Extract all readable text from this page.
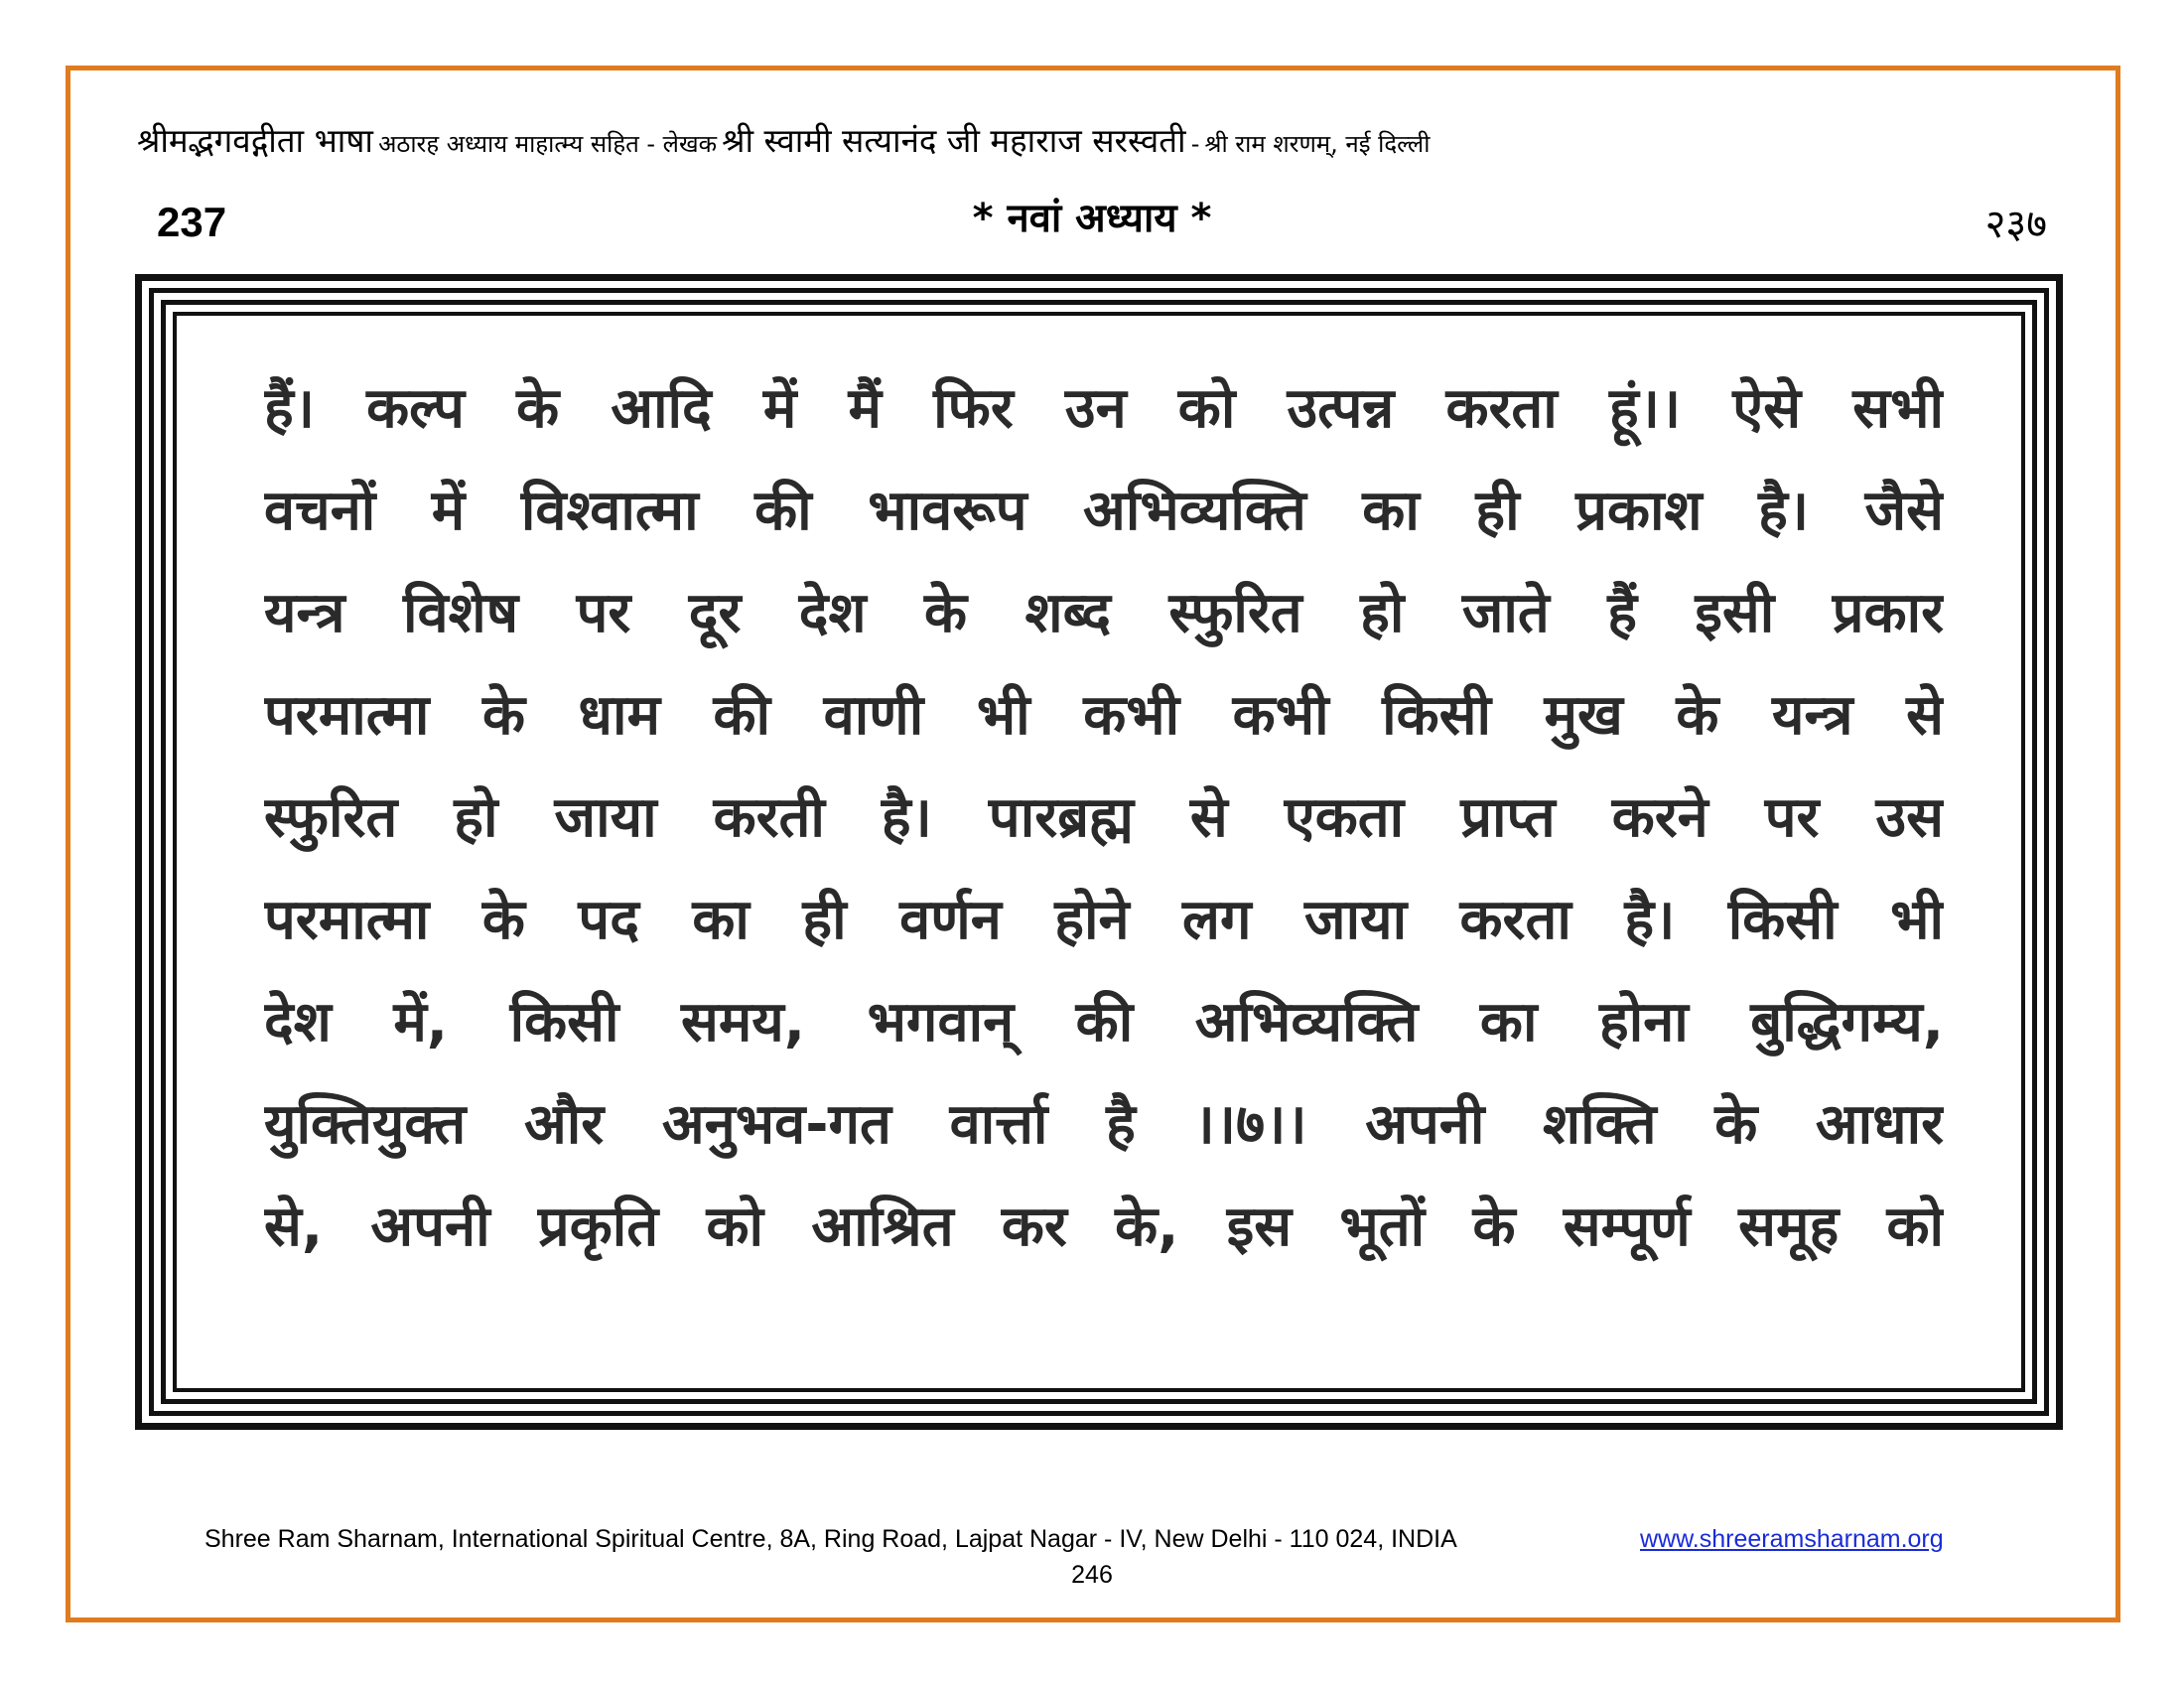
श्रीमद्भगवद्गीता भाषा अठारह अध्याय माहात्म्य सहित - लेखक श्री स्वामी सत्यानंद जी महाराज सरस्वती - श्री राम शरणम्, नई दिल्ली
237	* नवां अध्याय *	२३७
हैं। कल्प के आदि में मैं फिर उन को उत्पन्न करता हूं।। ऐसे सभी
वचनों में विश्वात्मा की भावरूप अभिव्यक्ति का ही प्रकाश है। जैसे
यन्त्र विशेष पर दूर देश के शब्द स्फुरित हो जाते हैं इसी प्रकार
परमात्मा के धाम की वाणी भी कभी कभी किसी मुख के यन्त्र से
स्फुरित हो जाया करती है। पारब्रह्म से एकता प्राप्त करने पर उस
परमात्मा के पद का ही वर्णन होने लग जाया करता है। किसी भी
देश में, किसी समय, भगवान् की अभिव्यक्ति का होना बुद्धिगम्य,
युक्तियुक्त और अनुभव-गत वार्त्ता है ।।७।। अपनी शक्ति के आधार
से, अपनी प्रकृति को आश्रित कर के, इस भूतों के सम्पूर्ण समूह को
Shree Ram Sharnam, International Spiritual Centre, 8A, Ring Road, Lajpat Nagar - IV, New Delhi - 110 024, INDIA	www.shreeramsharnam.org
246
